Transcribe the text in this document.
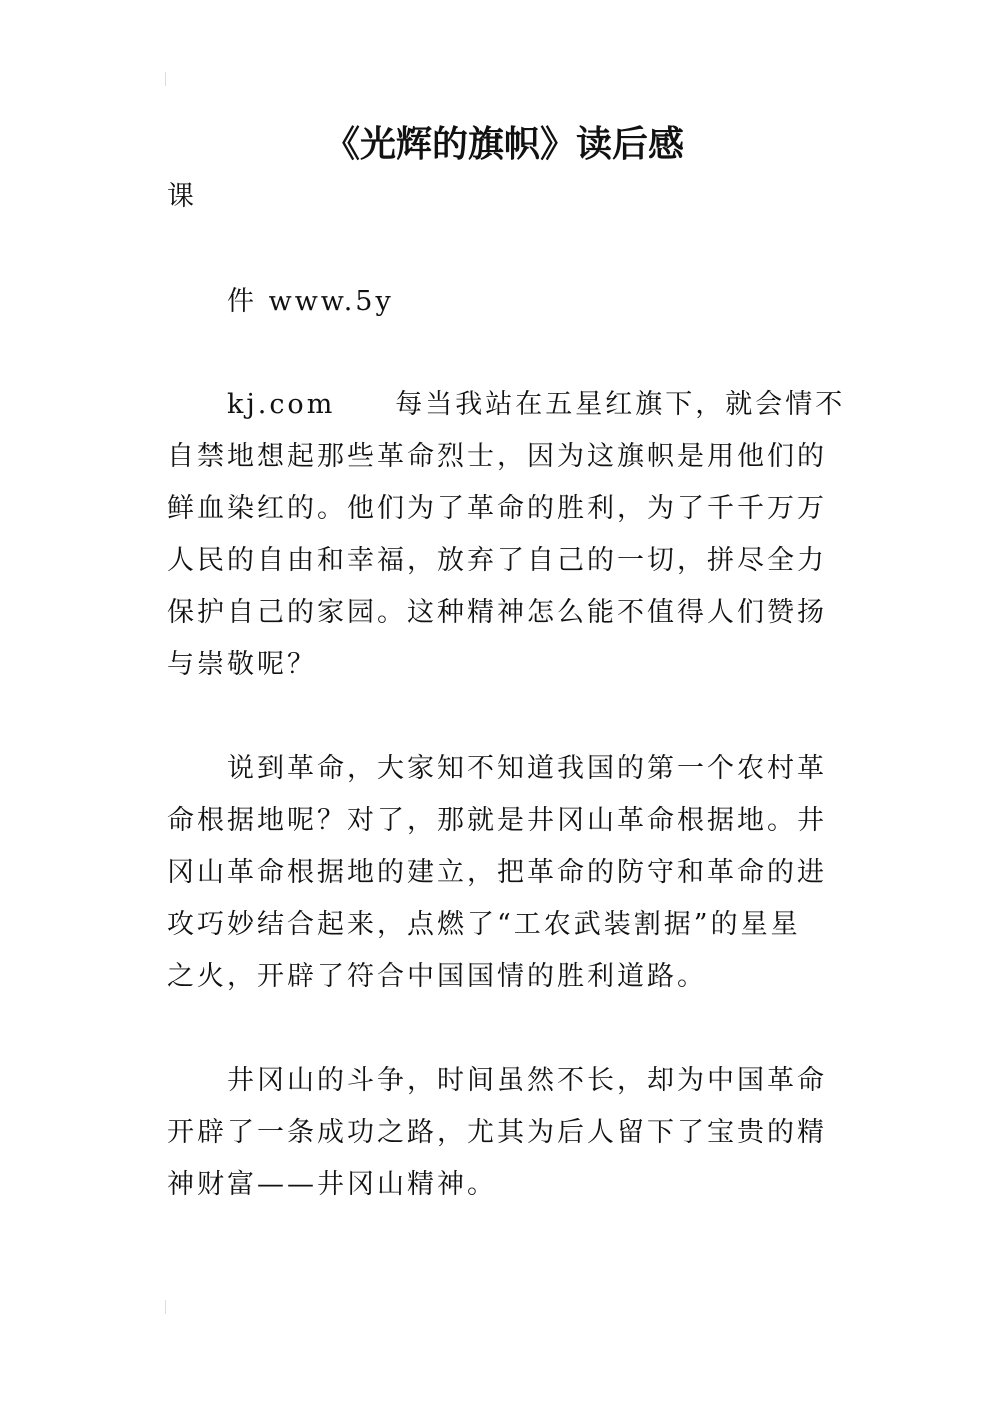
《光辉的旗帜》读后感
课
件 www.5y
kj.com　　每当我站在五星红旗下，就会情不
自禁地想起那些革命烈士，因为这旗帜是用他们的
鲜血染红的。他们为了革命的胜利，为了千千万万
人民的自由和幸福，放弃了自己的一切，拼尽全力
保护自己的家园。这种精神怎么能不值得人们赞扬
与崇敬呢？
说到革命，大家知不知道我国的第一个农村革
命根据地呢？对了，那就是井冈山革命根据地。井
冈山革命根据地的建立，把革命的防守和革命的进
攻巧妙结合起来，点燃了“工农武装割据”的星星
之火，开辟了符合中国国情的胜利道路。
井冈山的斗争，时间虽然不长，却为中国革命
开辟了一条成功之路，尤其为后人留下了宝贵的精
神财富——井冈山精神。
